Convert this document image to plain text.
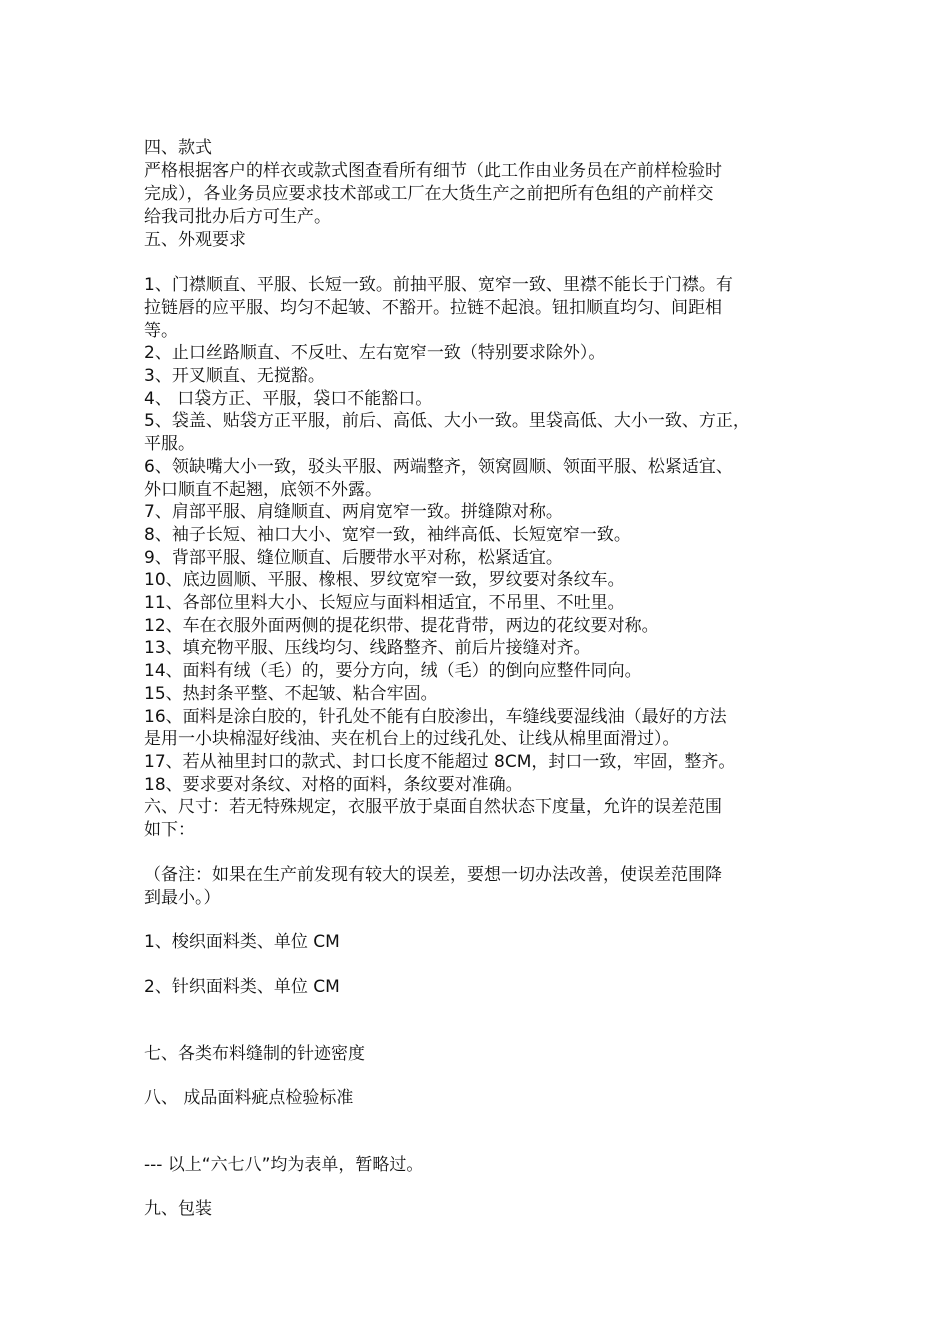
四、款式
严格根据客户的样衣或款式图查看所有细节（此工作由业务员在产前样检验时
完成），各业务员应要求技术部或工厂在大货生产之前把所有色组的产前样交
给我司批办后方可生产。
五、外观要求
1、门襟顺直、平服、长短一致。前抽平服、宽窄一致、里襟不能长于门襟。有
拉链唇的应平服、均匀不起皱、不豁开。拉链不起浪。钮扣顺直均匀、间距相
等。
2、止口丝路顺直、不反吐、左右宽窄一致（特别要求除外）。
3、开叉顺直、无搅豁。
4、 口袋方正、平服，袋口不能豁口。
5、袋盖、贴袋方正平服，前后、高低、大小一致。里袋高低、大小一致、方正，
平服。
6、领缺嘴大小一致，驳头平服、两端整齐，领窝圆顺、领面平服、松紧适宜、
外口顺直不起翘，底领不外露。
7、肩部平服、肩缝顺直、两肩宽窄一致。拼缝隙对称。
8、袖子长短、袖口大小、宽窄一致，袖绊高低、长短宽窄一致。
9、背部平服、缝位顺直、后腰带水平对称，松紧适宜。
10、底边圆顺、平服、橡根、罗纹宽窄一致，罗纹要对条纹车。
11、各部位里料大小、长短应与面料相适宜，不吊里、不吐里。
12、车在衣服外面两侧的提花织带、提花背带，两边的花纹要对称。
13、填充物平服、压线均匀、线路整齐、前后片接缝对齐。
14、面料有绒（毛）的，要分方向，绒（毛）的倒向应整件同向。
15、热封条平整、不起皱、粘合牢固。
16、面料是涂白胶的，针孔处不能有白胶渗出，车缝线要湿线油（最好的方法
是用一小块棉湿好线油、夹在机台上的过线孔处、让线从棉里面滑过）。
17、若从袖里封口的款式、封口长度不能超过 8CM，封口一致，牢固，整齐。
18、要求要对条纹、对格的面料，条纹要对准确。
六、尺寸：若无特殊规定，衣服平放于桌面自然状态下度量，允许的误差范围
如下：
（备注：如果在生产前发现有较大的误差，要想一切办法改善，使误差范围降
到最小。）
1、梭织面料类、单位 CM
2、针织面料类、单位 CM
七、各类布料缝制的针迹密度
八、 成品面料疵点检验标准
--- 以上“六七八”均为表单，暂略过。
九、包装
